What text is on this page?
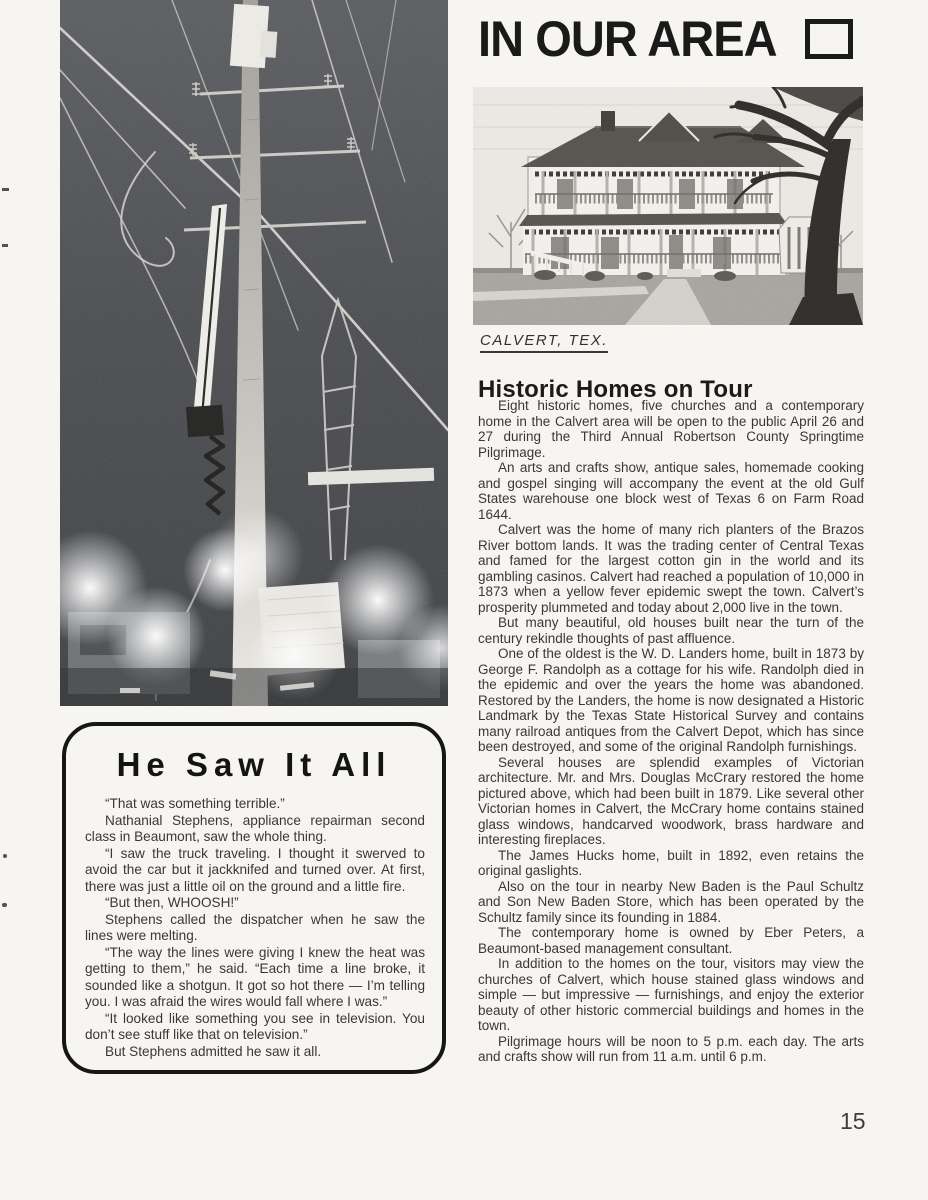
He Saw It All

“That was something terrible.”

Nathanial Stephens, appliance repairman second class in Beaumont, saw the whole thing.

“I saw the truck traveling. I thought it swerved to avoid the car but it jackknifed and turned over. At first, there was just a little oil on the ground and a little fire.

“But then, WHOOSH!”

Stephens called the dispatcher when he saw the lines were melting.

“The way the lines were giving I knew the heat was getting to them,” he said. “Each time a line broke, it sounded like a shotgun. It got so hot there — I’m telling you. I was afraid the wires would fall where I was.”

“It looked like something you see in television. You don’t see stuff like that on television.”

But Stephens admitted he saw it all.

IN OUR AREA
CALVERT, TEX.
Historic Homes on Tour

Eight historic homes, five churches and a contemporary home in the Calvert area will be open to the public April 26 and 27 during the Third Annual Robertson County Springtime Pilgrimage.

An arts and crafts show, antique sales, homemade cooking and gospel singing will accompany the event at the old Gulf States warehouse one block west of Texas 6 on Farm Road 1644.

Calvert was the home of many rich planters of the Brazos River bottom lands. It was the trading center of Central Texas and famed for the largest cotton gin in the world and its gambling casinos. Calvert had reached a population of 10,000 in 1873 when a yellow fever epidemic swept the town. Calvert’s prosperity plummeted and today about 2,000 live in the town.

But many beautiful, old houses built near the turn of the century rekindle thoughts of past affluence.

One of the oldest is the W. D. Landers home, built in 1873 by George F. Randolph as a cottage for his wife. Randolph died in the epidemic and over the years the home was abandoned. Restored by the Landers, the home is now designated a Historic Landmark by the Texas State Historical Survey and contains many railroad antiques from the Calvert Depot, which has since been destroyed, and some of the original Randolph furnishings.

Several houses are splendid examples of Victorian architecture. Mr. and Mrs. Douglas McCrary restored the home pictured above, which had been built in 1879. Like several other Victorian homes in Calvert, the McCrary home contains stained glass windows, handcarved woodwork, brass hardware and interesting fireplaces.

The James Hucks home, built in 1892, even retains the original gaslights.

Also on the tour in nearby New Baden is the Paul Schultz and Son New Baden Store, which has been operated by the Schultz family since its founding in 1884.

The contemporary home is owned by Eber Peters, a Beaumont-based management consultant.

In addition to the homes on the tour, visitors may view the churches of Calvert, which house stained glass windows and simple — but impressive — furnishings, and enjoy the exterior beauty of other historic commercial buildings and homes in the town.

Pilgrimage hours will be noon to 5 p.m. each day. The arts and crafts show will run from 11 a.m. until 6 p.m.

15
